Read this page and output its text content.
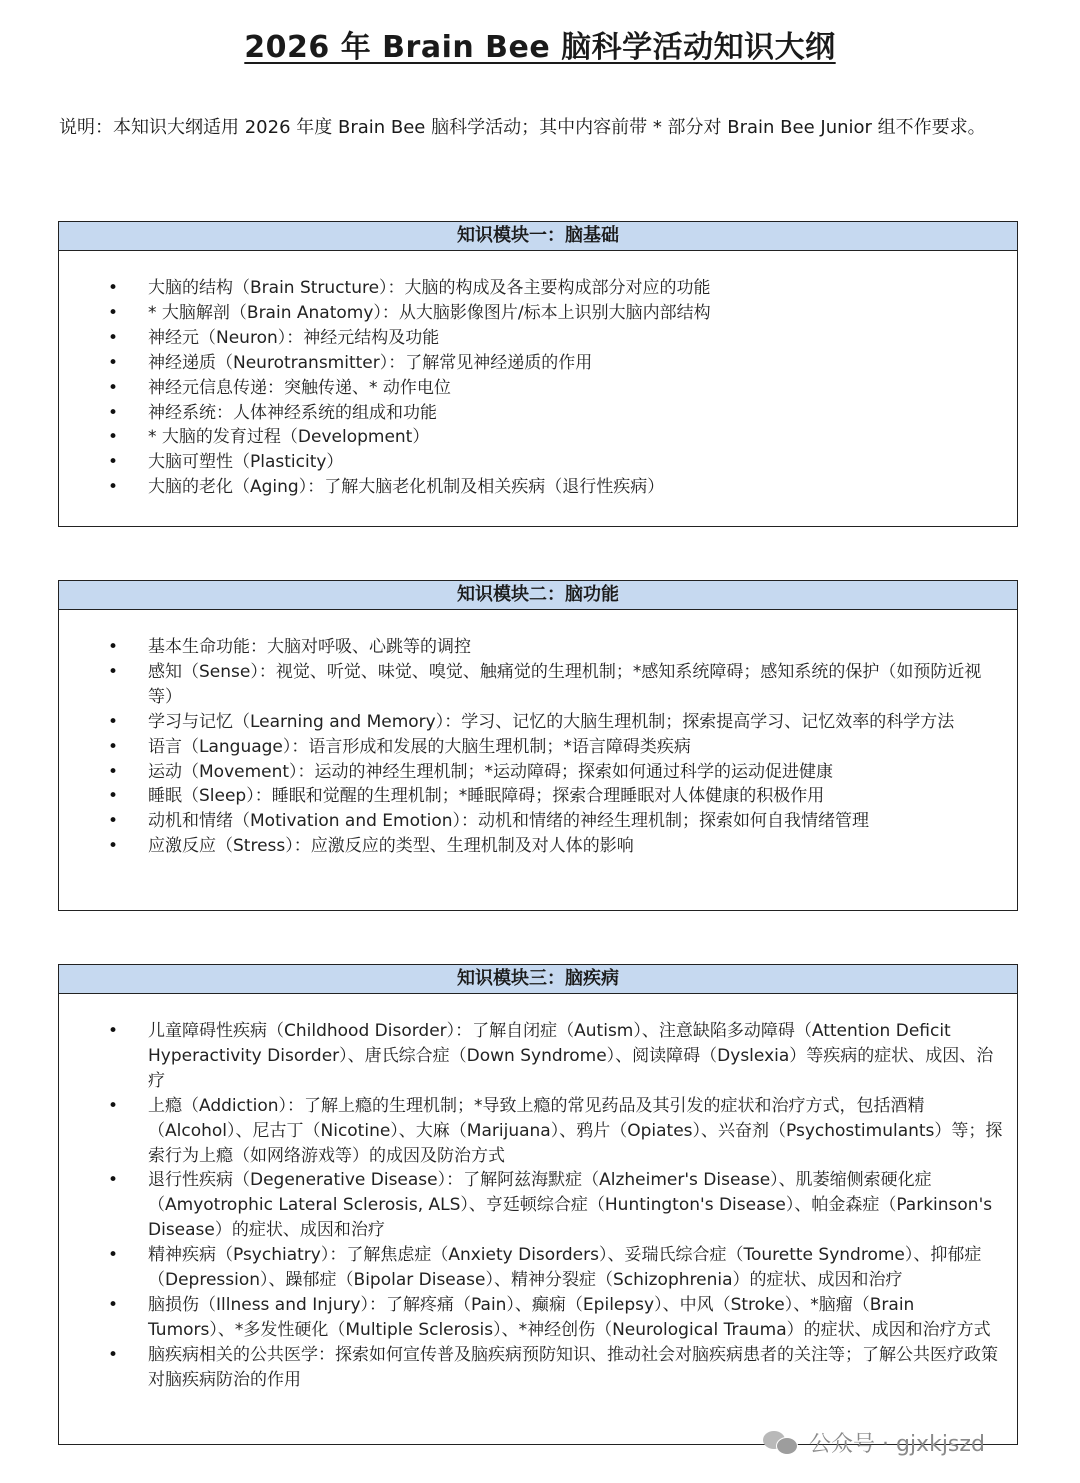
2026 年 Brain Bee 脑科学活动知识大纲
说明：本知识大纲适用 2026 年度 Brain Bee 脑科学活动；其中内容前带 * 部分对 Brain Bee Junior 组不作要求。
知识模块一：脑基础
• 大脑的结构（Brain Structure）：大脑的构成及各主要构成部分对应的功能
• * 大脑解剖（Brain Anatomy）：从大脑影像图片/标本上识别大脑内部结构
• 神经元（Neuron）：神经元结构及功能
• 神经递质（Neurotransmitter）：了解常见神经递质的作用
• 神经元信息传递：突触传递、* 动作电位
• 神经系统：人体神经系统的组成和功能
• * 大脑的发育过程（Development）
• 大脑可塑性（Plasticity）
• 大脑的老化（Aging）：了解大脑老化机制及相关疾病（退行性疾病）
知识模块二：脑功能
• 基本生命功能：大脑对呼吸、心跳等的调控
• 感知（Sense）：视觉、听觉、味觉、嗅觉、触痛觉的生理机制；*感知系统障碍；感知系统的保护（如预防近视等）
• 学习与记忆（Learning and Memory）：学习、记忆的大脑生理机制；探索提高学习、记忆效率的科学方法
• 语言（Language）：语言形成和发展的大脑生理机制；*语言障碍类疾病
• 运动（Movement）：运动的神经生理机制；*运动障碍；探索如何通过科学的运动促进健康
• 睡眠（Sleep）：睡眠和觉醒的生理机制；*睡眠障碍；探索合理睡眠对人体健康的积极作用
• 动机和情绪（Motivation and Emotion）：动机和情绪的神经生理机制；探索如何自我情绪管理
• 应激反应（Stress）：应激反应的类型、生理机制及对人体的影响
知识模块三：脑疾病
• 儿童障碍性疾病（Childhood Disorder）：了解自闭症（Autism）、注意缺陷多动障碍（Attention Deficit Hyperactivity Disorder）、唐氏综合症（Down Syndrome）、阅读障碍（Dyslexia）等疾病的症状、成因、治疗
• 上瘾（Addiction）：了解上瘾的生理机制；*导致上瘾的常见药品及其引发的症状和治疗方式，包括酒精（Alcohol）、尼古丁（Nicotine）、大麻（Marijuana）、鸦片（Opiates）、兴奋剂（Psychostimulants）等；探索行为上瘾（如网络游戏等）的成因及防治方式
• 退行性疾病（Degenerative Disease）：了解阿兹海默症（Alzheimer's Disease）、肌萎缩侧索硬化症（Amyotrophic Lateral Sclerosis, ALS）、亨廷顿综合症（Huntington's Disease）、帕金森症（Parkinson's Disease）的症状、成因和治疗
• 精神疾病（Psychiatry）：了解焦虑症（Anxiety Disorders）、妥瑞氏综合症（Tourette Syndrome）、抑郁症（Depression）、躁郁症（Bipolar Disease）、精神分裂症（Schizophrenia）的症状、成因和治疗
• 脑损伤（Illness and Injury）：了解疼痛（Pain）、癫痫（Epilepsy）、中风（Stroke）、*脑瘤（Brain Tumors）、*多发性硬化（Multiple Sclerosis）、*神经创伤（Neurological Trauma）的症状、成因和治疗方式
• 脑疾病相关的公共医学：探索如何宣传普及脑疾病预防知识、推动社会对脑疾病患者的关注等；了解公共医疗政策对脑疾病防治的作用
公众号 · gjxkjszd
